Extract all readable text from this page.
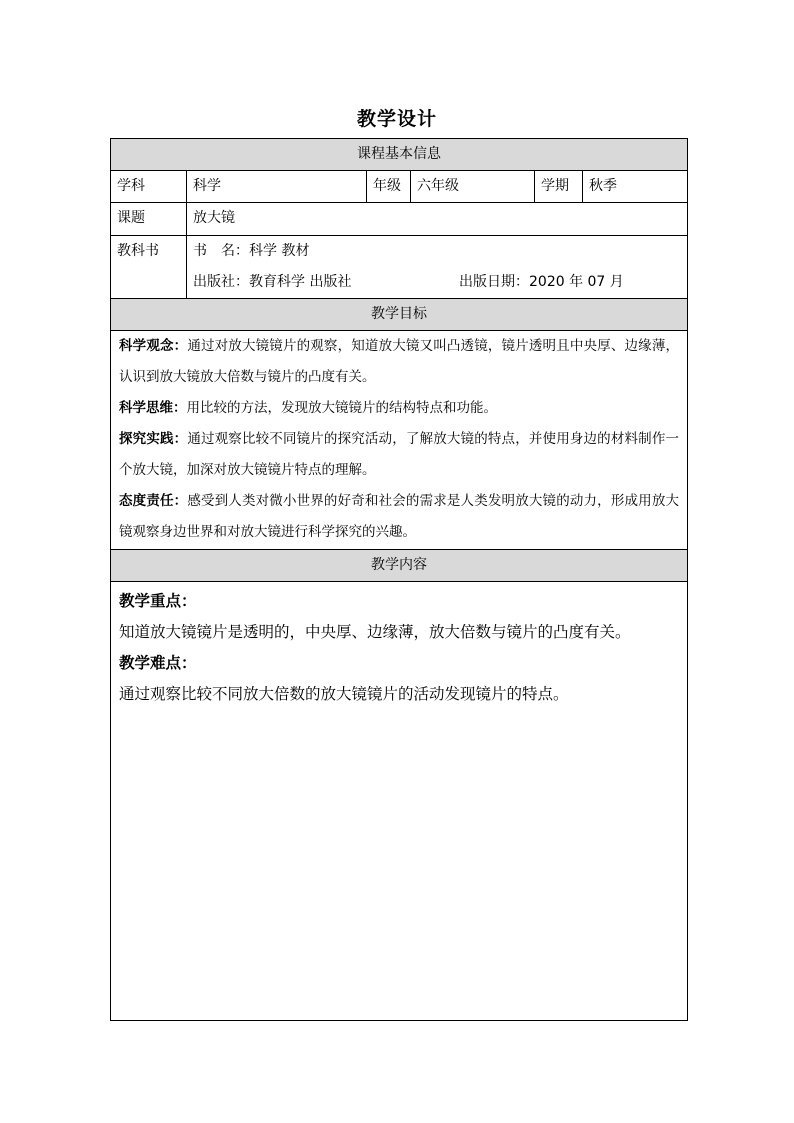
教学设计
课程基本信息
学科	科学	年级	六年级	学期	秋季
课题	放大镜
教科书	书　名：科学 教材
出版社：教育科学 出版社	出版日期：2020 年 07 月
教学目标

科学观念：通过对放大镜镜片的观察，知道放大镜又叫凸透镜，镜片透明且中央厚、边缘薄，认识到放大镜放大倍数与镜片的凸度有关。

科学思维：用比较的方法，发现放大镜镜片的结构特点和功能。

探究实践：通过观察比较不同镜片的探究活动，了解放大镜的特点，并使用身边的材料制作一个放大镜，加深对放大镜镜片特点的理解。

态度责任：感受到人类对微小世界的好奇和社会的需求是人类发明放大镜的动力，形成用放大镜观察身边世界和对放大镜进行科学探究的兴趣。

教学内容

教学重点：

知道放大镜镜片是透明的，中央厚、边缘薄，放大倍数与镜片的凸度有关。

教学难点：

通过观察比较不同放大倍数的放大镜镜片的活动发现镜片的特点。
